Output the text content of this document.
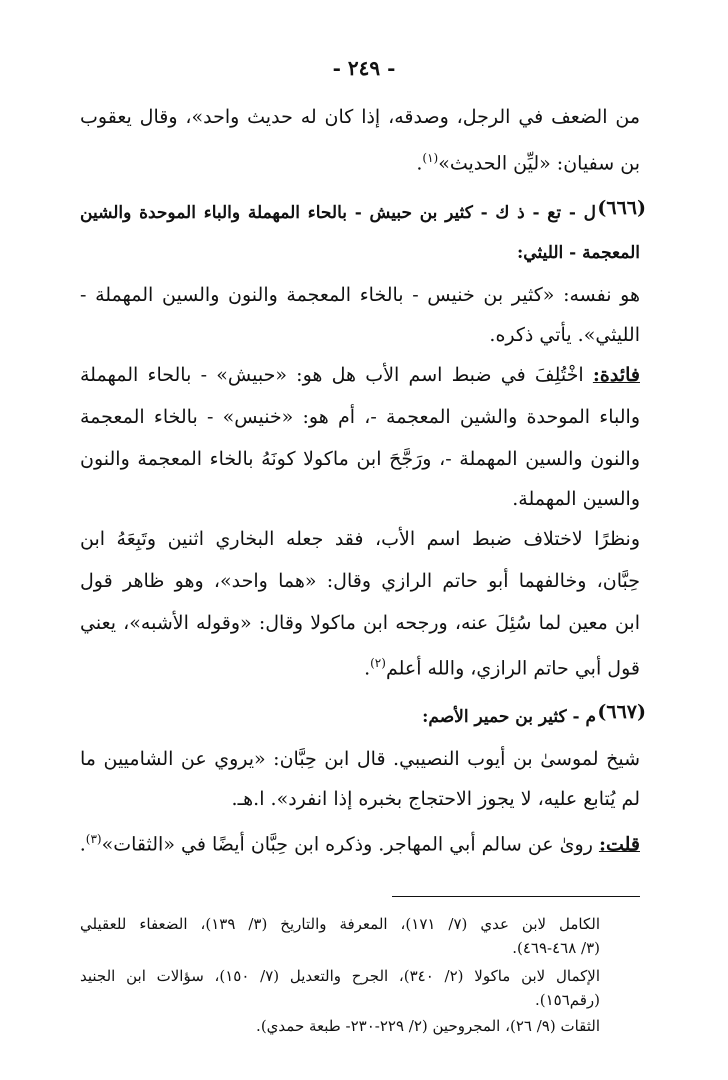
- ٢٤٩ -
من الضعف في الرجل، وصدقه، إذا كان له حديث واحد»، وقال يعقوب
بن سفيان: «ليِّن الحديث»$^{(١)}$.
(٦٦٦)
ل - تع - ذ ك - كثير بن حبيش - بالحاء المهملة والباء الموحدة والشين
المعجمة - الليثي:
هو نفسه: «كثير بن خنيس - بالخاء المعجمة والنون والسين المهملة -
الليثي». يأتي ذكره.
فائدة: اخْتُلِفَ في ضبط اسم الأب هل هو: «حبيش» - بالحاء المهملة
والباء الموحدة والشين المعجمة -، أم هو: «خنيس» - بالخاء المعجمة
والنون والسين المهملة -، ورَجَّحَ ابن ماكولا كونَهُ بالخاء المعجمة والنون
والسين المهملة.
ونظرًا لاختلاف ضبط اسم الأب، فقد جعله البخاري اثنين وتَبِعَهُ ابن
حِبَّان، وخالفهما أبو حاتم الرازي وقال: «هما واحد»، وهو ظاهر قول
ابن معين لما سُئِلَ عنه، ورجحه ابن ماكولا وقال: «وقوله الأشبه»، يعني
قول أبي حاتم الرازي، والله أعلم$^{(٢)}$.
(٦٦٧)
م - كثير بن حمير الأصم:
شيخ لموسىٰ بن أيوب النصيبي. قال ابن حِبَّان: «يروي عن الشاميين ما
لم يُتابع عليه، لا يجوز الاحتجاج بخبره إذا انفرد». ا.هـ.
قلت: روىٰ عن سالم أبي المهاجر. وذكره ابن حِبَّان أيضًا في «الثقات»$^{(٣)}$.
الكامل لابن عدي (٧/ ١٧١)، المعرفة والتاريخ (٣/ ١٣٩)، الضعفاء للعقيلي
(٣/ ٤٦٨-٤٦٩).
الإكمال لابن ماكولا (٢/ ٣٤٠)، الجرح والتعديل (٧/ ١٥٠)، سؤالات ابن الجنيد
(رقم١٥٦).
الثقات (٩/ ٢٦)، المجروحين (٢/ ٢٢٩-٢٣٠- طبعة حمدي).
